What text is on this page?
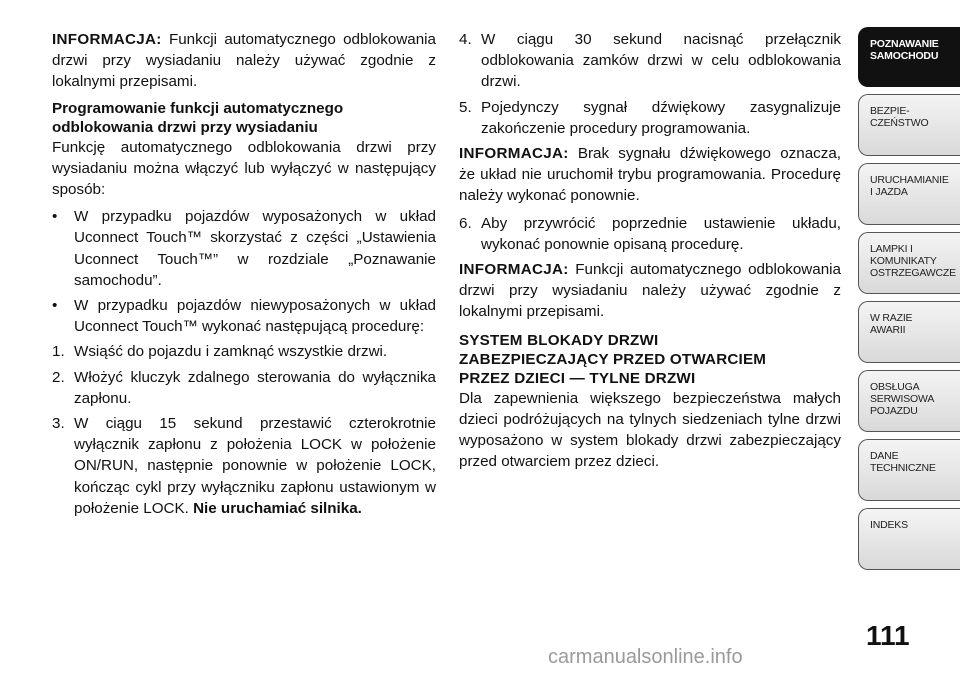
INFORMACJA: Funkcji automatycznego odblokowania drzwi przy wysiadaniu należy używać zgodnie z lokalnymi przepisami.

Programowanie funkcji automatycznego
odblokowania drzwi przy wysiadaniu

Funkcję automatycznego odblokowania drzwi przy wysiadaniu można włączyć lub wyłączyć w następujący sposób:

• W przypadku pojazdów wyposażonych w układ Uconnect Touch™ skorzystać z części „Ustawienia Uconnect Touch™” w rozdziale „Poznawanie samochodu”.
• W przypadku pojazdów niewyposażonych w układ Uconnect Touch™ wykonać następującą procedurę:
1. Wsiąść do pojazdu i zamknąć wszystkie drzwi.
2. Włożyć kluczyk zdalnego sterowania do wyłącznika zapłonu.
3. W ciągu 15 sekund przestawić czterokrotnie wyłącznik zapłonu z położenia LOCK w położenie ON/RUN, następnie ponownie w położenie LOCK, kończąc cykl przy wyłączniku zapłonu ustawionym w położenie LOCK. Nie uruchamiać silnika.
4. W ciągu 30 sekund nacisnąć przełącznik odblokowania zamków drzwi w celu odblokowania drzwi.
5. Pojedynczy sygnał dźwiękowy zasygnalizuje zakończenie procedury programowania.

INFORMACJA: Brak sygnału dźwiękowego oznacza, że układ nie uruchomił trybu programowania. Procedurę należy wykonać ponownie.

6. Aby przywrócić poprzednie ustawienie układu, wykonać ponownie opisaną procedurę.

INFORMACJA: Funkcji automatycznego odblokowania drzwi przy wysiadaniu należy używać zgodnie z lokalnymi przepisami.

SYSTEM BLOKADY DRZWI
ZABEZPIECZAJĄCY PRZED OTWARCIEM
PRZEZ DZIECI — TYLNE DRZWI

Dla zapewnienia większego bezpieczeństwa małych dzieci podróżujących na tylnych siedzeniach tylne drzwi wyposażono w system blokady drzwi zabezpieczający przed otwarciem przez dzieci.

POZNAWANIE
SAMOCHODU
BEZPIE-
CZEŃSTWO
URUCHAMIANIE
I JAZDA
LAMPKI I
KOMUNIKATY
OSTRZEGAWCZE
W RAZIE
AWARII
OBSŁUGA
SERWISOWA
POJAZDU
DANE
TECHNICZNE
INDEKS
111
carmanualsonline.info
